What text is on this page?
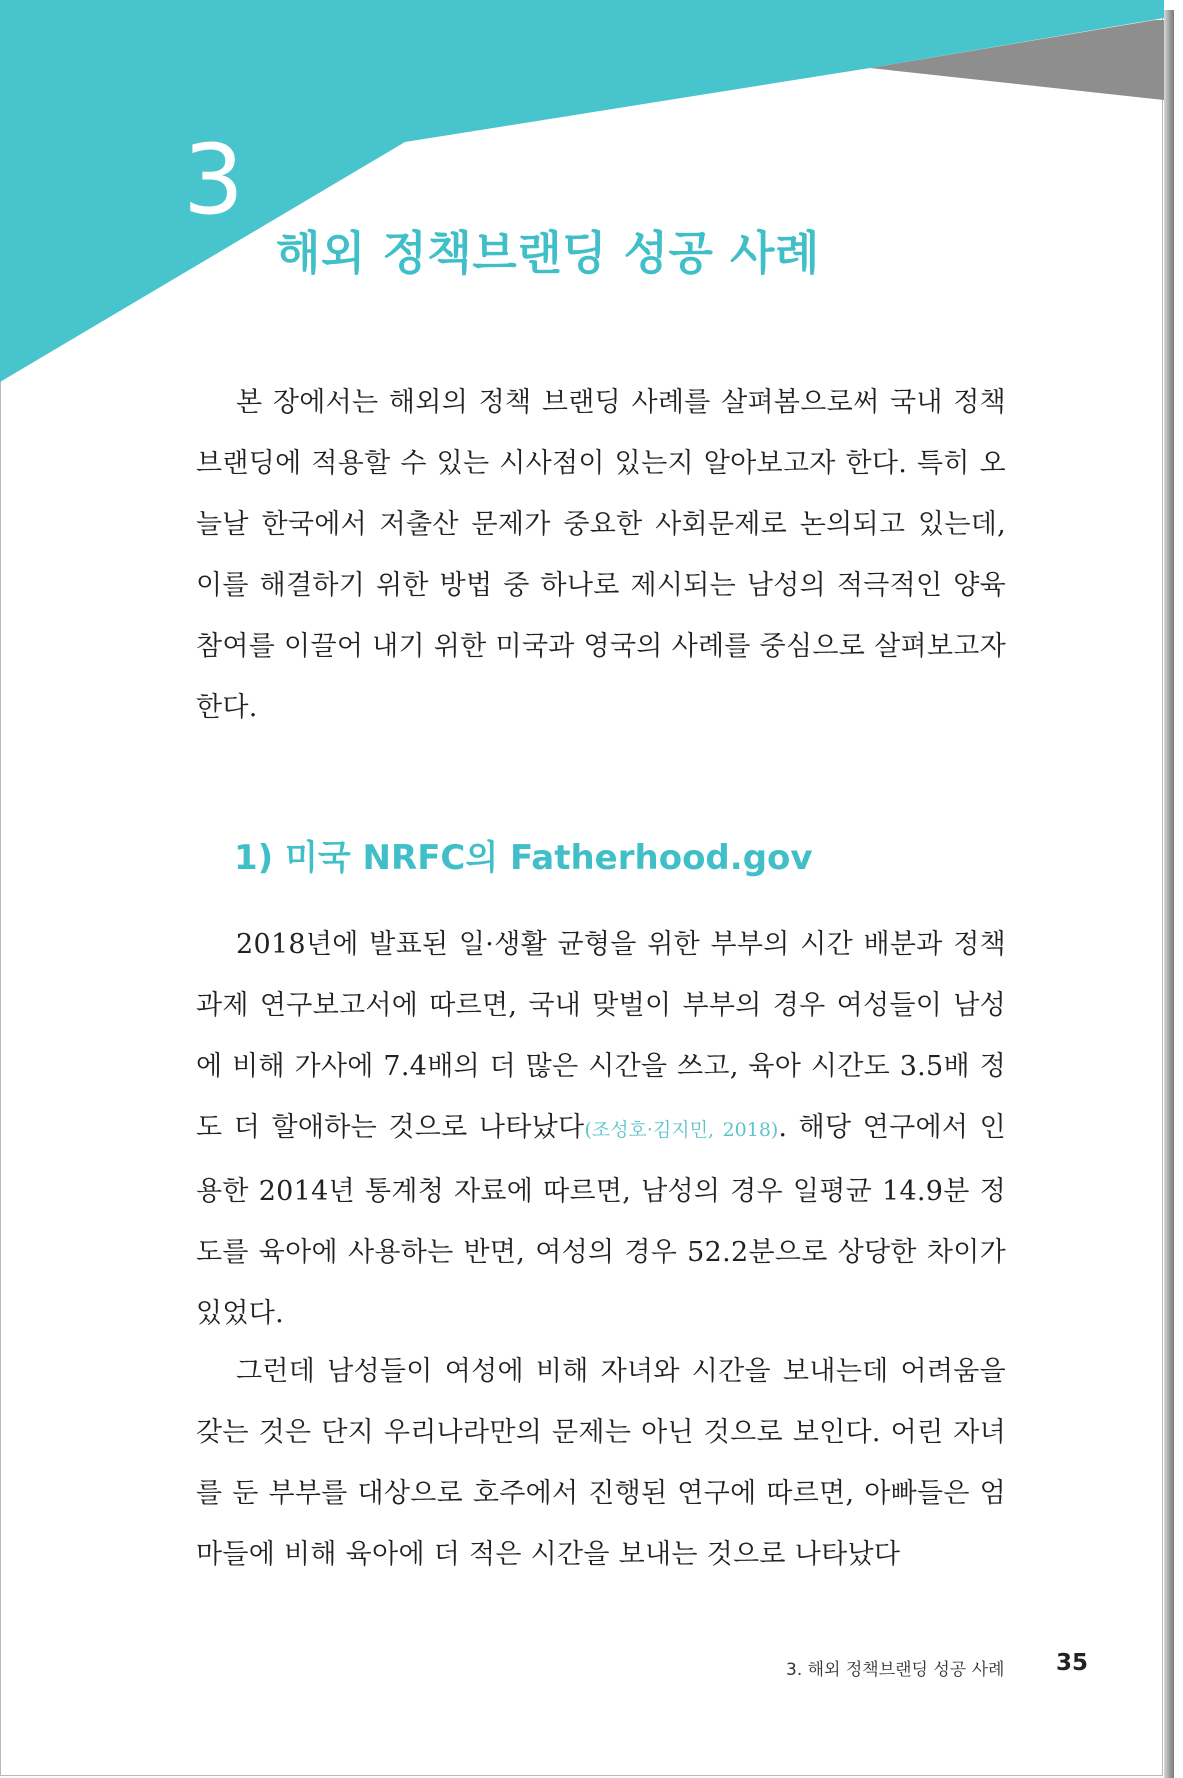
3
해외 정책브랜딩 성공 사례

본 장에서는 해외의 정책 브랜딩 사례를 살펴봄으로써 국내 정책 브랜딩에 적용할 수 있는 시사점이 있는지 알아보고자 한다. 특히 오늘날 한국에서 저출산 문제가 중요한 사회문제로 논의되고 있는데, 이를 해결하기 위한 방법 중 하나로 제시되는 남성의 적극적인 양육 참여를 이끌어 내기 위한 미국과 영국의 사례를 중심으로 살펴보고자 한다.

1) 미국 NRFC의 Fatherhood.gov

2018년에 발표된 일·생활 균형을 위한 부부의 시간 배분과 정책과제 연구보고서에 따르면, 국내 맞벌이 부부의 경우 여성들이 남성에 비해 가사에 7.4배의 더 많은 시간을 쓰고, 육아 시간도 3.5배 정도 더 할애하는 것으로 나타났다(조성호·김지민, 2018). 해당 연구에서 인용한 2014년 통계청 자료에 따르면, 남성의 경우 일평균 14.9분 정도를 육아에 사용하는 반면, 여성의 경우 52.2분으로 상당한 차이가 있었다.

그런데 남성들이 여성에 비해 자녀와 시간을 보내는데 어려움을 갖는 것은 단지 우리나라만의 문제는 아닌 것으로 보인다. 어린 자녀를 둔 부부를 대상으로 호주에서 진행된 연구에 따르면, 아빠들은 엄마들에 비해 육아에 더 적은 시간을 보내는 것으로 나타났다

3. 해외 정책브랜딩 성공 사례 35
